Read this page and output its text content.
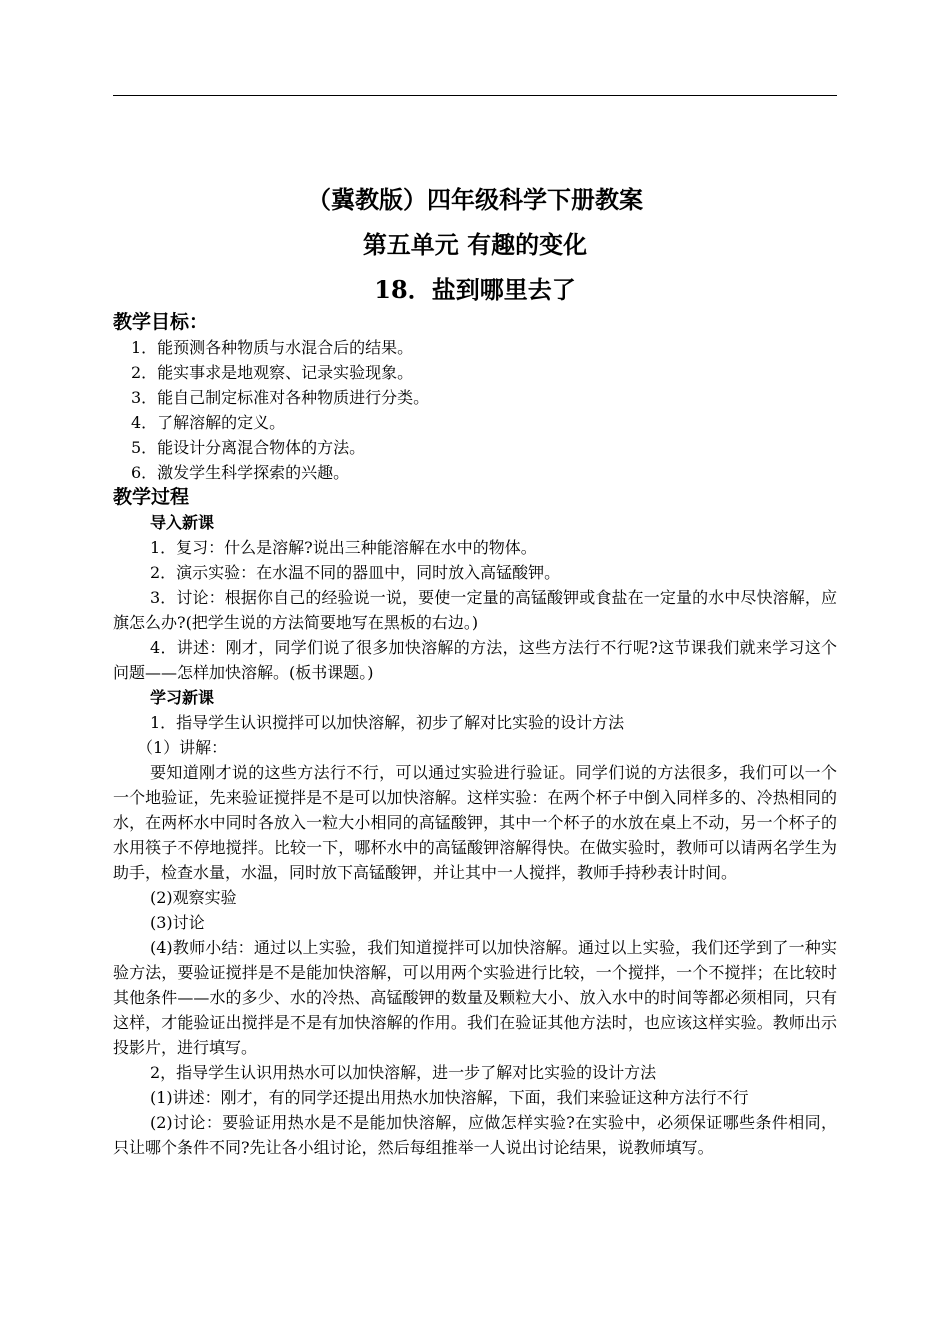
（冀教版）四年级科学下册教案

第五单元 有趣的变化

18．盐到哪里去了

教学目标：

1．能预测各种物质与水混合后的结果。

2．能实事求是地观察、记录实验现象。

3．能自己制定标准对各种物质进行分类。

4．了解溶解的定义。

5．能设计分离混合物体的方法。

6．激发学生科学探索的兴趣。

教学过程

导入新课

1．复习：什么是溶解?说出三种能溶解在水中的物体。

2．演示实验：在水温不同的器皿中，同时放入高锰酸钾。

3．讨论：根据你自己的经验说一说，要使一定量的高锰酸钾或食盐在一定量的水中尽快溶解，应旗怎么办?(把学生说的方法简要地写在黑板的右边。)

4．讲述：刚才，同学们说了很多加快溶解的方法，这些方法行不行呢?这节课我们就来学习这个问题——怎样加快溶解。(板书课题。)

学习新课

1．指导学生认识搅拌可以加快溶解，初步了解对比实验的设计方法

（1）讲解：

要知道刚才说的这些方法行不行，可以通过实验进行验证。同学们说的方法很多，我们可以一个一个地验证，先来验证搅拌是不是可以加快溶解。这样实验：在两个杯子中倒入同样多的、冷热相同的水，在两杯水中同时各放入一粒大小相同的高锰酸钾，其中一个杯子的水放在桌上不动，另一个杯子的水用筷子不停地搅拌。比较一下，哪杯水中的高锰酸钾溶解得快。在做实验时，教师可以请两名学生为助手，检查水量，水温，同时放下高锰酸钾，并让其中一人搅拌，教师手持秒表计时间。

(2)观察实验

(3)讨论

(4)教师小结：通过以上实验，我们知道搅拌可以加快溶解。通过以上实验，我们还学到了一种实验方法，要验证搅拌是不是能加快溶解，可以用两个实验进行比较，一个搅拌，一个不搅拌；在比较时其他条件——水的多少、水的冷热、高锰酸钾的数量及颗粒大小、放入水中的时间等都必须相同，只有这样，才能验证出搅拌是不是有加快溶解的作用。我们在验证其他方法时，也应该这样实验。教师出示投影片，进行填写。

2，指导学生认识用热水可以加快溶解，进一步了解对比实验的设计方法

(1)讲述：刚才，有的同学还提出用热水加快溶解，下面，我们来验证这种方法行不行

(2)讨论：要验证用热水是不是能加快溶解，应做怎样实验?在实验中，必须保证哪些条件相同，只让哪个条件不同?先让各小组讨论，然后每组推举一人说出讨论结果，说教师填写。
